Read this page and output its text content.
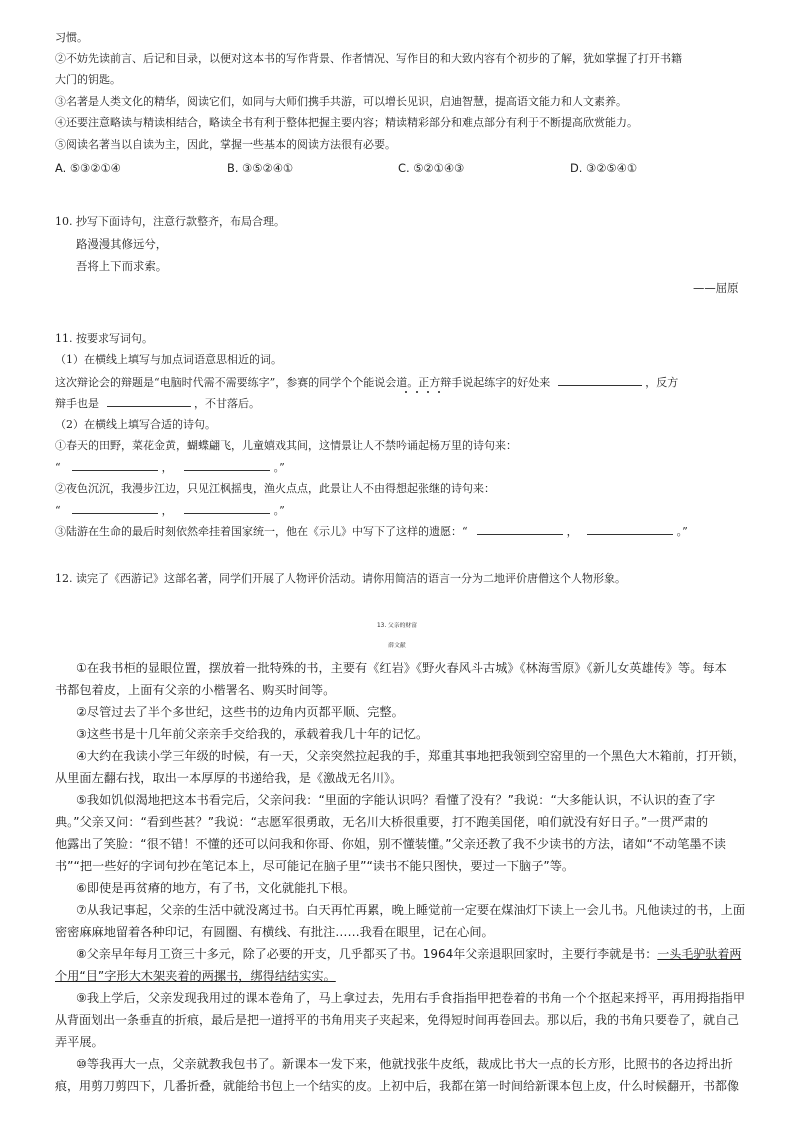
习惯。
②不妨先读前言、后记和目录，以便对这本书的写作背景、作者情况、写作目的和大致内容有个初步的了解，犹如掌握了打开书籍
大门的钥匙。
③名著是人类文化的精华，阅读它们，如同与大师们携手共游，可以增长见识，启迪智慧，提高语文能力和人文素养。
④还要注意略读与精读相结合，略读全书有利于整体把握主要内容；精读精彩部分和难点部分有利于不断提高欣赏能力。
⑤阅读名著当以自读为主，因此，掌握一些基本的阅读方法很有必要。
A. ⑤③②①④	B. ③⑤②④①	C. ⑤②①④③	D. ③②⑤④①
10. 抄写下面诗句，注意行款整齐，布局合理。
路漫漫其修远兮，
吾将上下而求索。
——屈原
11. 按要求写词句。
（1）在横线上填写与加点词语意思相近的词。
这次辩论会的辩题是“电脑时代需不需要练字”，参赛的同学个个能说会道。正方辩手说起练字的好处来	，反方
辩手也是	，不甘落后。
（2）在横线上填写合适的诗句。
①春天的田野，菜花金黄，蝴蝶翩飞，儿童嬉戏其间，这情景让人不禁吟诵起杨万里的诗句来：
“	，	。”
②夜色沉沉，我漫步江边，只见江枫摇曳，渔火点点，此景让人不由得想起张继的诗句来：
“	，	。”
③陆游在生命的最后时刻依然牵挂着国家统一，他在《示儿》中写下了这样的遗愿：“	，	。”
12. 读完了《西游记》这部名著，同学们开展了人物评价活动。请你用简洁的语言一分为二地评价唐僧这个人物形象。
13. 父亲的财富
薛文献
①在我书柜的显眼位置，摆放着一批特殊的书，主要有《红岩》《野火春风斗古城》《林海雪原》《新儿女英雄传》等。每本
书都包着皮，上面有父亲的小楷署名、购买时间等。
②尽管过去了半个多世纪，这些书的边角内页都平顺、完整。
③这些书是十几年前父亲亲手交给我的，承载着我几十年的记忆。
④大约在我读小学三年级的时候，有一天，父亲突然拉起我的手，郑重其事地把我领到空窑里的一个黑色大木箱前，打开锁，
从里面左翻右找，取出一本厚厚的书递给我，是《激战无名川》。
⑤我如饥似渴地把这本书看完后，父亲问我：“里面的字能认识吗？看懂了没有？”我说：“大多能认识，不认识的查了字
典。”父亲又问：“看到些甚？”我说：“志愿军很勇敢，无名川大桥很重要，打不跑美国佬，咱们就没有好日子。”一贯严肃的
他露出了笑脸：“很不错！不懂的还可以问我和你哥、你姐，别不懂装懂。”父亲还教了我不少读书的方法，诸如“不动笔墨不读
书”“把一些好的字词句抄在笔记本上，尽可能记在脑子里”“读书不能只图快，要过一下脑子”等。
⑥即使是再贫瘠的地方，有了书，文化就能扎下根。
⑦从我记事起，父亲的生活中就没离过书。白天再忙再累，晚上睡觉前一定要在煤油灯下读上一会儿书。凡他读过的书，上面
密密麻麻地留着各种印记，有圆圈、有横线、有批注……我看在眼里，记在心间。
⑧父亲早年每月工资三十多元，除了必要的开支，几乎都买了书。1964年父亲退职回家时，主要行李就是书：一头毛驴驮着两
个用“目”字形大木架夹着的两摞书，绑得结结实实。
⑨我上学后，父亲发现我用过的课本卷角了，马上拿过去，先用右手食指指甲把卷着的书角一个个抠起来捋平，再用拇指指甲
从背面划出一条垂直的折痕，最后是把一道捋平的书角用夹子夹起来，免得短时间再卷回去。那以后，我的书角只要卷了，就自己
弄平展。
⑩等我再大一点，父亲就教我包书了。新课本一发下来，他就找张牛皮纸，裁成比书大一点的长方形，比照书的各边捋出折
痕，用剪刀剪四下，几番折叠，就能给书包上一个结实的皮。上初中后，我都在第一时间给新课本包上皮，什么时候翻开，书都像
